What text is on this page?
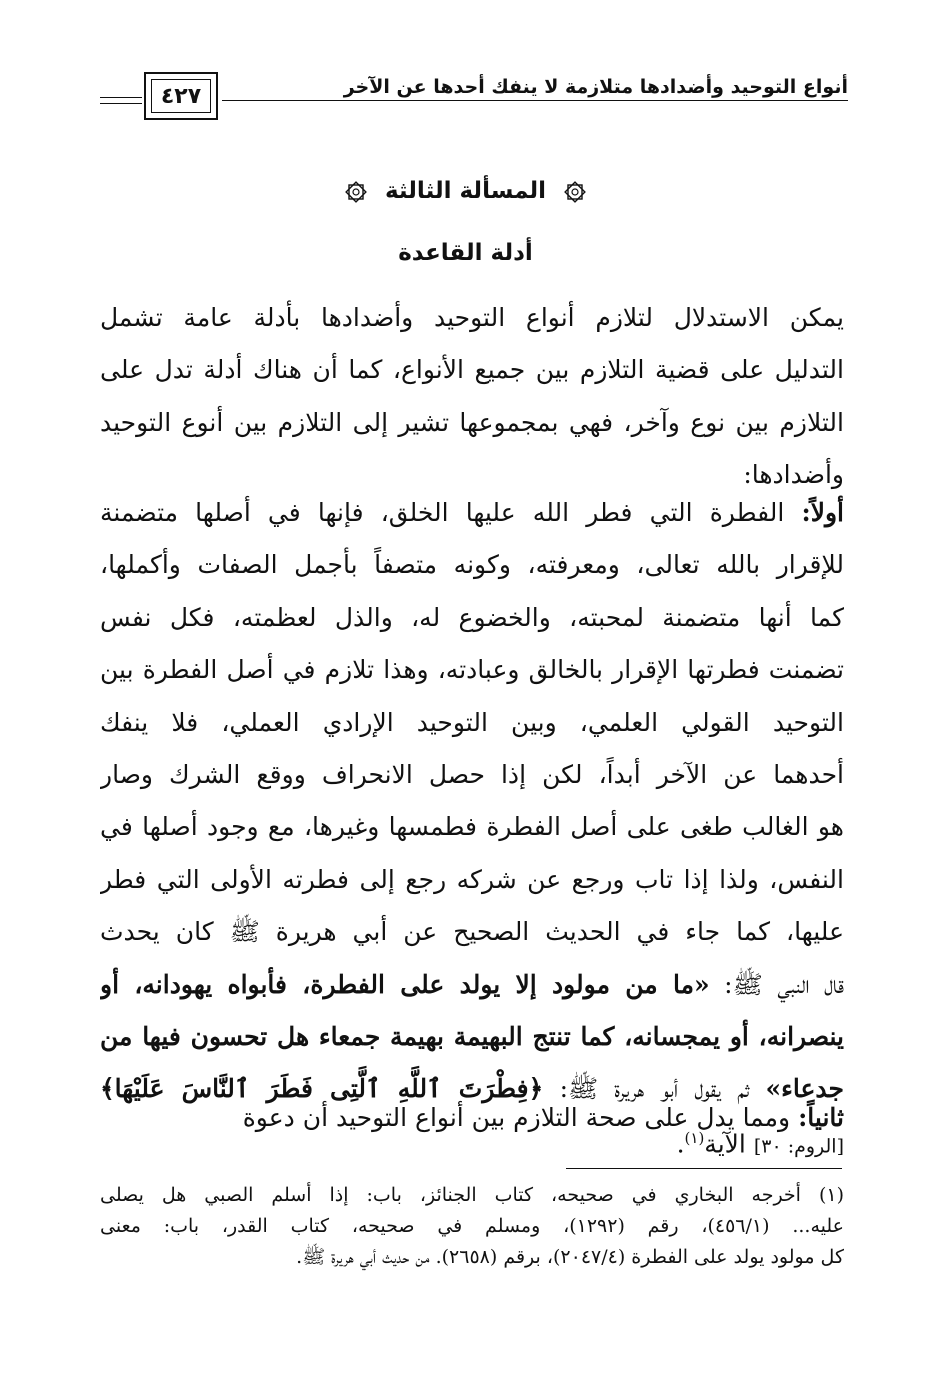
أنواع التوحيد وأضدادها متلازمة لا ينفك أحدها عن الآخر
٤٢٧
المسألة الثالثة
أدلة القاعدة
يمكن الاستدلال لتلازم أنواع التوحيد وأضدادها بأدلة عامة تشمل
التدليل على قضية التلازم بين جميع الأنواع، كما أن هناك أدلة تدل على
التلازم بين نوع وآخر، فهي بمجموعها تشير إلى التلازم بين أنوع التوحيد
وأضدادها:
أولاً: الفطرة التي فطر الله عليها الخلق، فإنها في أصلها متضمنة
للإقرار بالله تعالى، ومعرفته، وكونه متصفاً بأجمل الصفات وأكملها،
كما أنها متضمنة لمحبته، والخضوع له، والذل لعظمته، فكل نفس
تضمنت فطرتها الإقرار بالخالق وعبادته، وهذا تلازم في أصل الفطرة بين
التوحيد القولي العلمي، وبين التوحيد الإرادي العملي، فلا ينفك
أحدهما عن الآخر أبداً، لكن إذا حصل الانحراف ووقع الشرك وصار
هو الغالب طغى على أصل الفطرة فطمسها وغيرها، مع وجود أصلها في
النفس، ولذا إذا تاب ورجع عن شركه رجع إلى فطرته الأولى التي فطر
عليها، كما جاء في الحديث الصحيح عن أبي هريرة ﷺ كان يحدث
قال النبي ﷺ: «ما من مولود إلا يولد على الفطرة، فأبواه يهودانه، أو
ينصرانه، أو يمجسانه، كما تنتج البهيمة بهيمة جمعاء هل تحسون فيها من
جدعاء» ثم يقول أبو هريرة ﷺ: ﴿فِطْرَتَ ٱللَّهِ ٱلَّتِى فَطَرَ ٱلنَّاسَ عَلَيْهَا﴾
[الروم: ٣٠] الآية$^{(١)}$.
ثانياً: ومما يدل على صحة التلازم بين أنواع التوحيد أن دعوة
(١) أخرجه البخاري في صحيحه، كتاب الجنائز، باب: إذا أسلم الصبي هل يصلى
عليه... (٤٥٦/١)، رقم (١٢٩٢)، ومسلم في صحيحه، كتاب القدر، باب: معنى
كل مولود يولد على الفطرة (٢٠٤٧/٤)، برقم (٢٦٥٨). من حديث أبي هريرة ﷺ.
